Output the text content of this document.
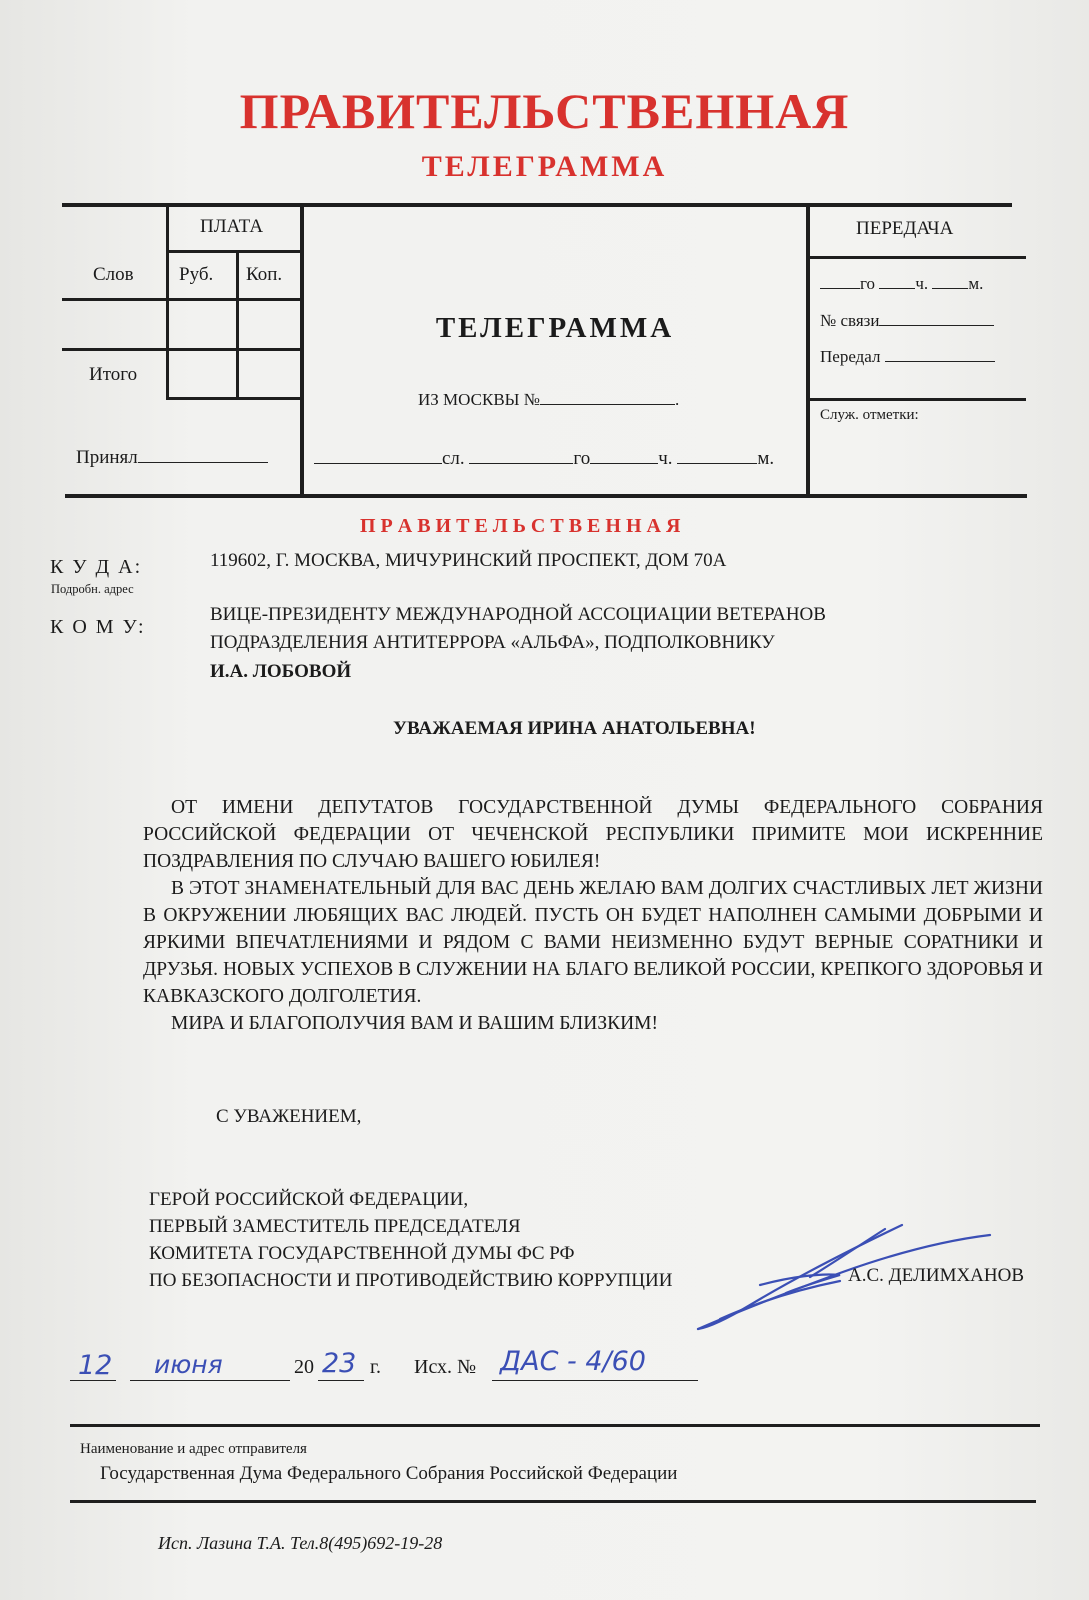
ПРАВИТЕЛЬСТВЕННАЯ
ТЕЛЕГРАММА
ПЛАТА
Слов Руб. Коп.
Итого
Принял
ТЕЛЕГРАММА
ИЗ МОСКВЫ №	.
сл.	го	ч.	м.
ПЕРЕДАЧА
го ч. м.
№ связи
Передал
Служ. отметки:
П Р А В И Т Е Л Ь С Т В Е Н Н А Я
К У Д А:
Подробн. адрес
119602, Г. МОСКВА, МИЧУРИНСКИЙ ПРОСПЕКТ, ДОМ 70А
К О М У:
ВИЦЕ-ПРЕЗИДЕНТУ МЕЖДУНАРОДНОЙ АССОЦИАЦИИ ВЕТЕРАНОВ
ПОДРАЗДЕЛЕНИЯ АНТИТЕРРОРА «АЛЬФА», ПОДПОЛКОВНИКУ
И.А. ЛОБОВОЙ
УВАЖАЕМАЯ ИРИНА АНАТОЛЬЕВНА!

ОТ ИМЕНИ ДЕПУТАТОВ ГОСУДАРСТВЕННОЙ ДУМЫ ФЕДЕРАЛЬНОГО СОБРАНИЯ РОССИЙСКОЙ ФЕДЕРАЦИИ ОТ ЧЕЧЕНСКОЙ РЕСПУБЛИКИ ПРИМИТЕ МОИ ИСКРЕННИЕ ПОЗДРАВЛЕНИЯ ПО СЛУЧАЮ ВАШЕГО ЮБИЛЕЯ!

В ЭТОТ ЗНАМЕНАТЕЛЬНЫЙ ДЛЯ ВАС ДЕНЬ ЖЕЛАЮ ВАМ ДОЛГИХ СЧАСТЛИВЫХ ЛЕТ ЖИЗНИ В ОКРУЖЕНИИ ЛЮБЯЩИХ ВАС ЛЮДЕЙ. ПУСТЬ ОН БУДЕТ НАПОЛНЕН САМЫМИ ДОБРЫМИ И ЯРКИМИ ВПЕЧАТЛЕНИЯМИ И РЯДОМ С ВАМИ НЕИЗМЕННО БУДУТ ВЕРНЫЕ СОРАТНИКИ И ДРУЗЬЯ. НОВЫХ УСПЕХОВ В СЛУЖЕНИИ НА БЛАГО ВЕЛИКОЙ РОССИИ, КРЕПКОГО ЗДОРОВЬЯ И КАВКАЗСКОГО ДОЛГОЛЕТИЯ.

МИРА И БЛАГОПОЛУЧИЯ ВАМ И ВАШИМ БЛИЗКИМ!

С УВАЖЕНИЕМ,
ГЕРОЙ РОССИЙСКОЙ ФЕДЕРАЦИИ,
ПЕРВЫЙ ЗАМЕСТИТЕЛЬ ПРЕДСЕДАТЕЛЯ
КОМИТЕТА ГОСУДАРСТВЕННОЙ ДУМЫ ФС РФ
ПО БЕЗОПАСНОСТИ И ПРОТИВОДЕЙСТВИЮ КОРРУПЦИИ	А.С. ДЕЛИМХАНОВ
12 июня	20 23 г. Исх. № ДАС - 4/60
Наименование и адрес отправителя
Государственная Дума Федерального Собрания Российской Федерации
Исп. Лазина Т.А. Тел.8(495)692-19-28
